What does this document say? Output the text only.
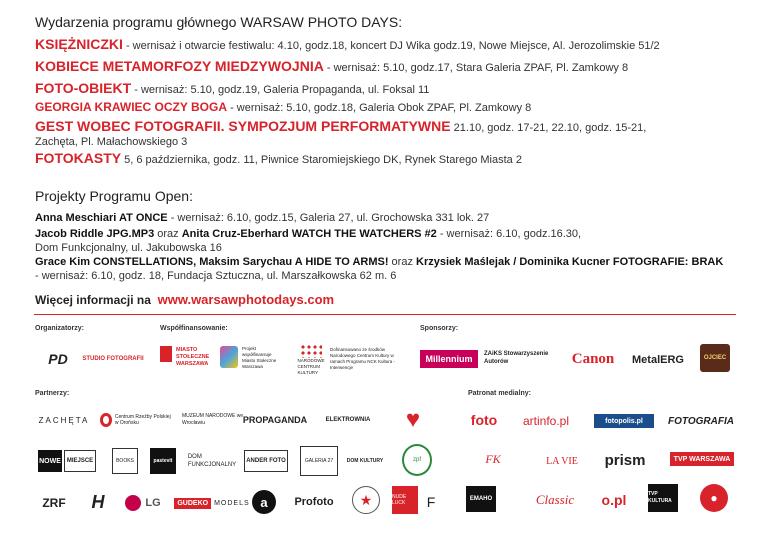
Wydarzenia programu głównego WARSAW PHOTO DAYS:
KSIĘŻNICZKI - wernisaż i otwarcie festiwalu: 4.10, godz.18, koncert DJ Wika godz.19, Nowe Miejsce, Al. Jerozolimskie 51/2
KOBIECE METAMORFOZY MIEDZYWOJNIA - wernisaż: 5.10, godz.17, Stara Galeria ZPAF, Pl. Zamkowy 8
FOTO-OBIEKT - wernisaż: 5.10, godz.19, Galeria Propaganda, ul. Foksal 11
GEORGIA KRAWIEC OCZY BOGA - wernisaż: 5.10, godz.18, Galeria Obok ZPAF, Pl. Zamkowy 8
GEST WOBEC FOTOGRAFII. SYMPOZJUM PERFORMATYWNE 21.10, godz. 17-21, 22.10, godz. 15-21,
Zachęta, Pl. Małachowskiego 3
FOTOKASTY 5, 6 października, godz. 11, Piwnice Staromiejskiego DK, Rynek Starego Miasta 2
Projekty Programu Open:
Anna Meschiari AT ONCE - wernisaż: 6.10, godz.15, Galeria 27, ul. Grochowska 331 lok. 27
Jacob Riddle JPG.MP3 oraz Anita Cruz-Eberhard WATCH THE WATCHERS #2 - wernisaż: 6.10, godz.16.30,
Dom Funkcjonalny, ul. Jakubowska 16
Grace Kim CONSTELLATIONS, Maksim Sarychau A HIDE TO ARMS! oraz Krzysiek Maślejak / Dominika Kucner FOTOGRAFIE: BRAK
- wernisaż: 6.10, godz. 18, Fundacja Sztuczna, ul. Marszałkowska 62 m. 6
Więcej informacji na www.warsawphotodays.com
Organizatorzy:	Współfinansowanie:	Sponsorzy:
Partnerzy:	Patronat medialny:
PD	STUDIO FOTOGRAFII
MIASTO STOŁECZNE WARSZAWA
Projekt współfinansuje Miasto Stołeczne Warszawa
NARODOWE CENTRUM KULTURY
Dofinansowano ze środków Narodowego Centrum Kultury w ramach Programu NCK Kultura - Interwencje
Millennium	ZAiKS Stowarzyszenie Autorów	Canon	MetalERG	OJCIEC
ZACHĘTA	Centrum Rzeźby Polskiej w Orońsku
MUZEUM NARODOWE we Wrocławiu	PROPAGANDA	ELEKTROWNIA	♥
NOWE MIEJSCE	BOOKS	pastevit
DOM FUNKCJONALNY
ANDER FOTO	GALERIA 27	DOM KULTURY	zpf
ZRF	H	LG	GUDEKO MODELS a	Profoto	★	NUDE LUCK	F
foto	artinfo.pl	fotopolis.pl	FOTOGRAFIA
FK	LA VIE	prism	TVP WARSZAWA
EMAHO	Classic	o.pl	TVP KULTURA	●
